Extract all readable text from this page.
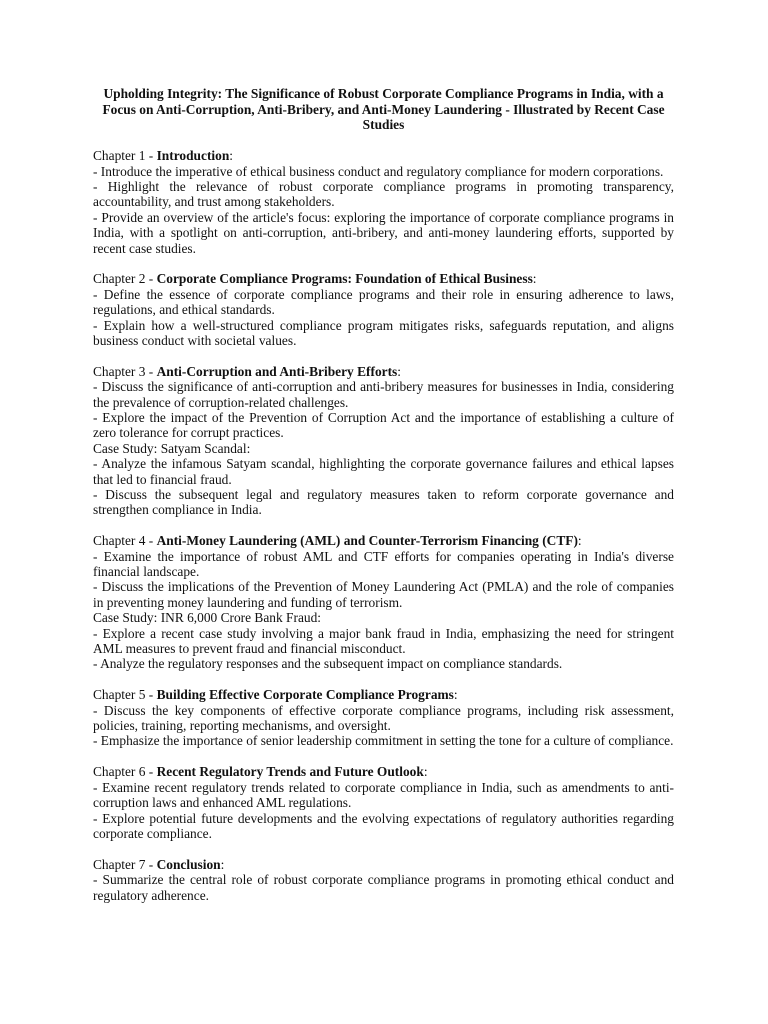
Upholding Integrity: The Significance of Robust Corporate Compliance Programs in India, with a Focus on Anti-Corruption, Anti-Bribery, and Anti-Money Laundering - Illustrated by Recent Case Studies

Chapter 1 - Introduction:

- Introduce the imperative of ethical business conduct and regulatory compliance for modern corporations.

- Highlight the relevance of robust corporate compliance programs in promoting transparency, accountability, and trust among stakeholders.

- Provide an overview of the article's focus: exploring the importance of corporate compliance programs in India, with a spotlight on anti-corruption, anti-bribery, and anti-money laundering efforts, supported by recent case studies.

Chapter 2 - Corporate Compliance Programs: Foundation of Ethical Business:

- Define the essence of corporate compliance programs and their role in ensuring adherence to laws, regulations, and ethical standards.

- Explain how a well-structured compliance program mitigates risks, safeguards reputation, and aligns business conduct with societal values.

Chapter 3 - Anti-Corruption and Anti-Bribery Efforts:

- Discuss the significance of anti-corruption and anti-bribery measures for businesses in India, considering the prevalence of corruption-related challenges.

- Explore the impact of the Prevention of Corruption Act and the importance of establishing a culture of zero tolerance for corrupt practices.

Case Study: Satyam Scandal:

- Analyze the infamous Satyam scandal, highlighting the corporate governance failures and ethical lapses that led to financial fraud.

- Discuss the subsequent legal and regulatory measures taken to reform corporate governance and strengthen compliance in India.

Chapter 4 - Anti-Money Laundering (AML) and Counter-Terrorism Financing (CTF):

- Examine the importance of robust AML and CTF efforts for companies operating in India's diverse financial landscape.

- Discuss the implications of the Prevention of Money Laundering Act (PMLA) and the role of companies in preventing money laundering and funding of terrorism.

Case Study: INR 6,000 Crore Bank Fraud:

- Explore a recent case study involving a major bank fraud in India, emphasizing the need for stringent AML measures to prevent fraud and financial misconduct.

- Analyze the regulatory responses and the subsequent impact on compliance standards.

Chapter 5 - Building Effective Corporate Compliance Programs:

- Discuss the key components of effective corporate compliance programs, including risk assessment, policies, training, reporting mechanisms, and oversight.

- Emphasize the importance of senior leadership commitment in setting the tone for a culture of compliance.

Chapter 6 - Recent Regulatory Trends and Future Outlook:

- Examine recent regulatory trends related to corporate compliance in India, such as amendments to anti-corruption laws and enhanced AML regulations.

- Explore potential future developments and the evolving expectations of regulatory authorities regarding corporate compliance.

Chapter 7 - Conclusion:

- Summarize the central role of robust corporate compliance programs in promoting ethical conduct and regulatory adherence.
